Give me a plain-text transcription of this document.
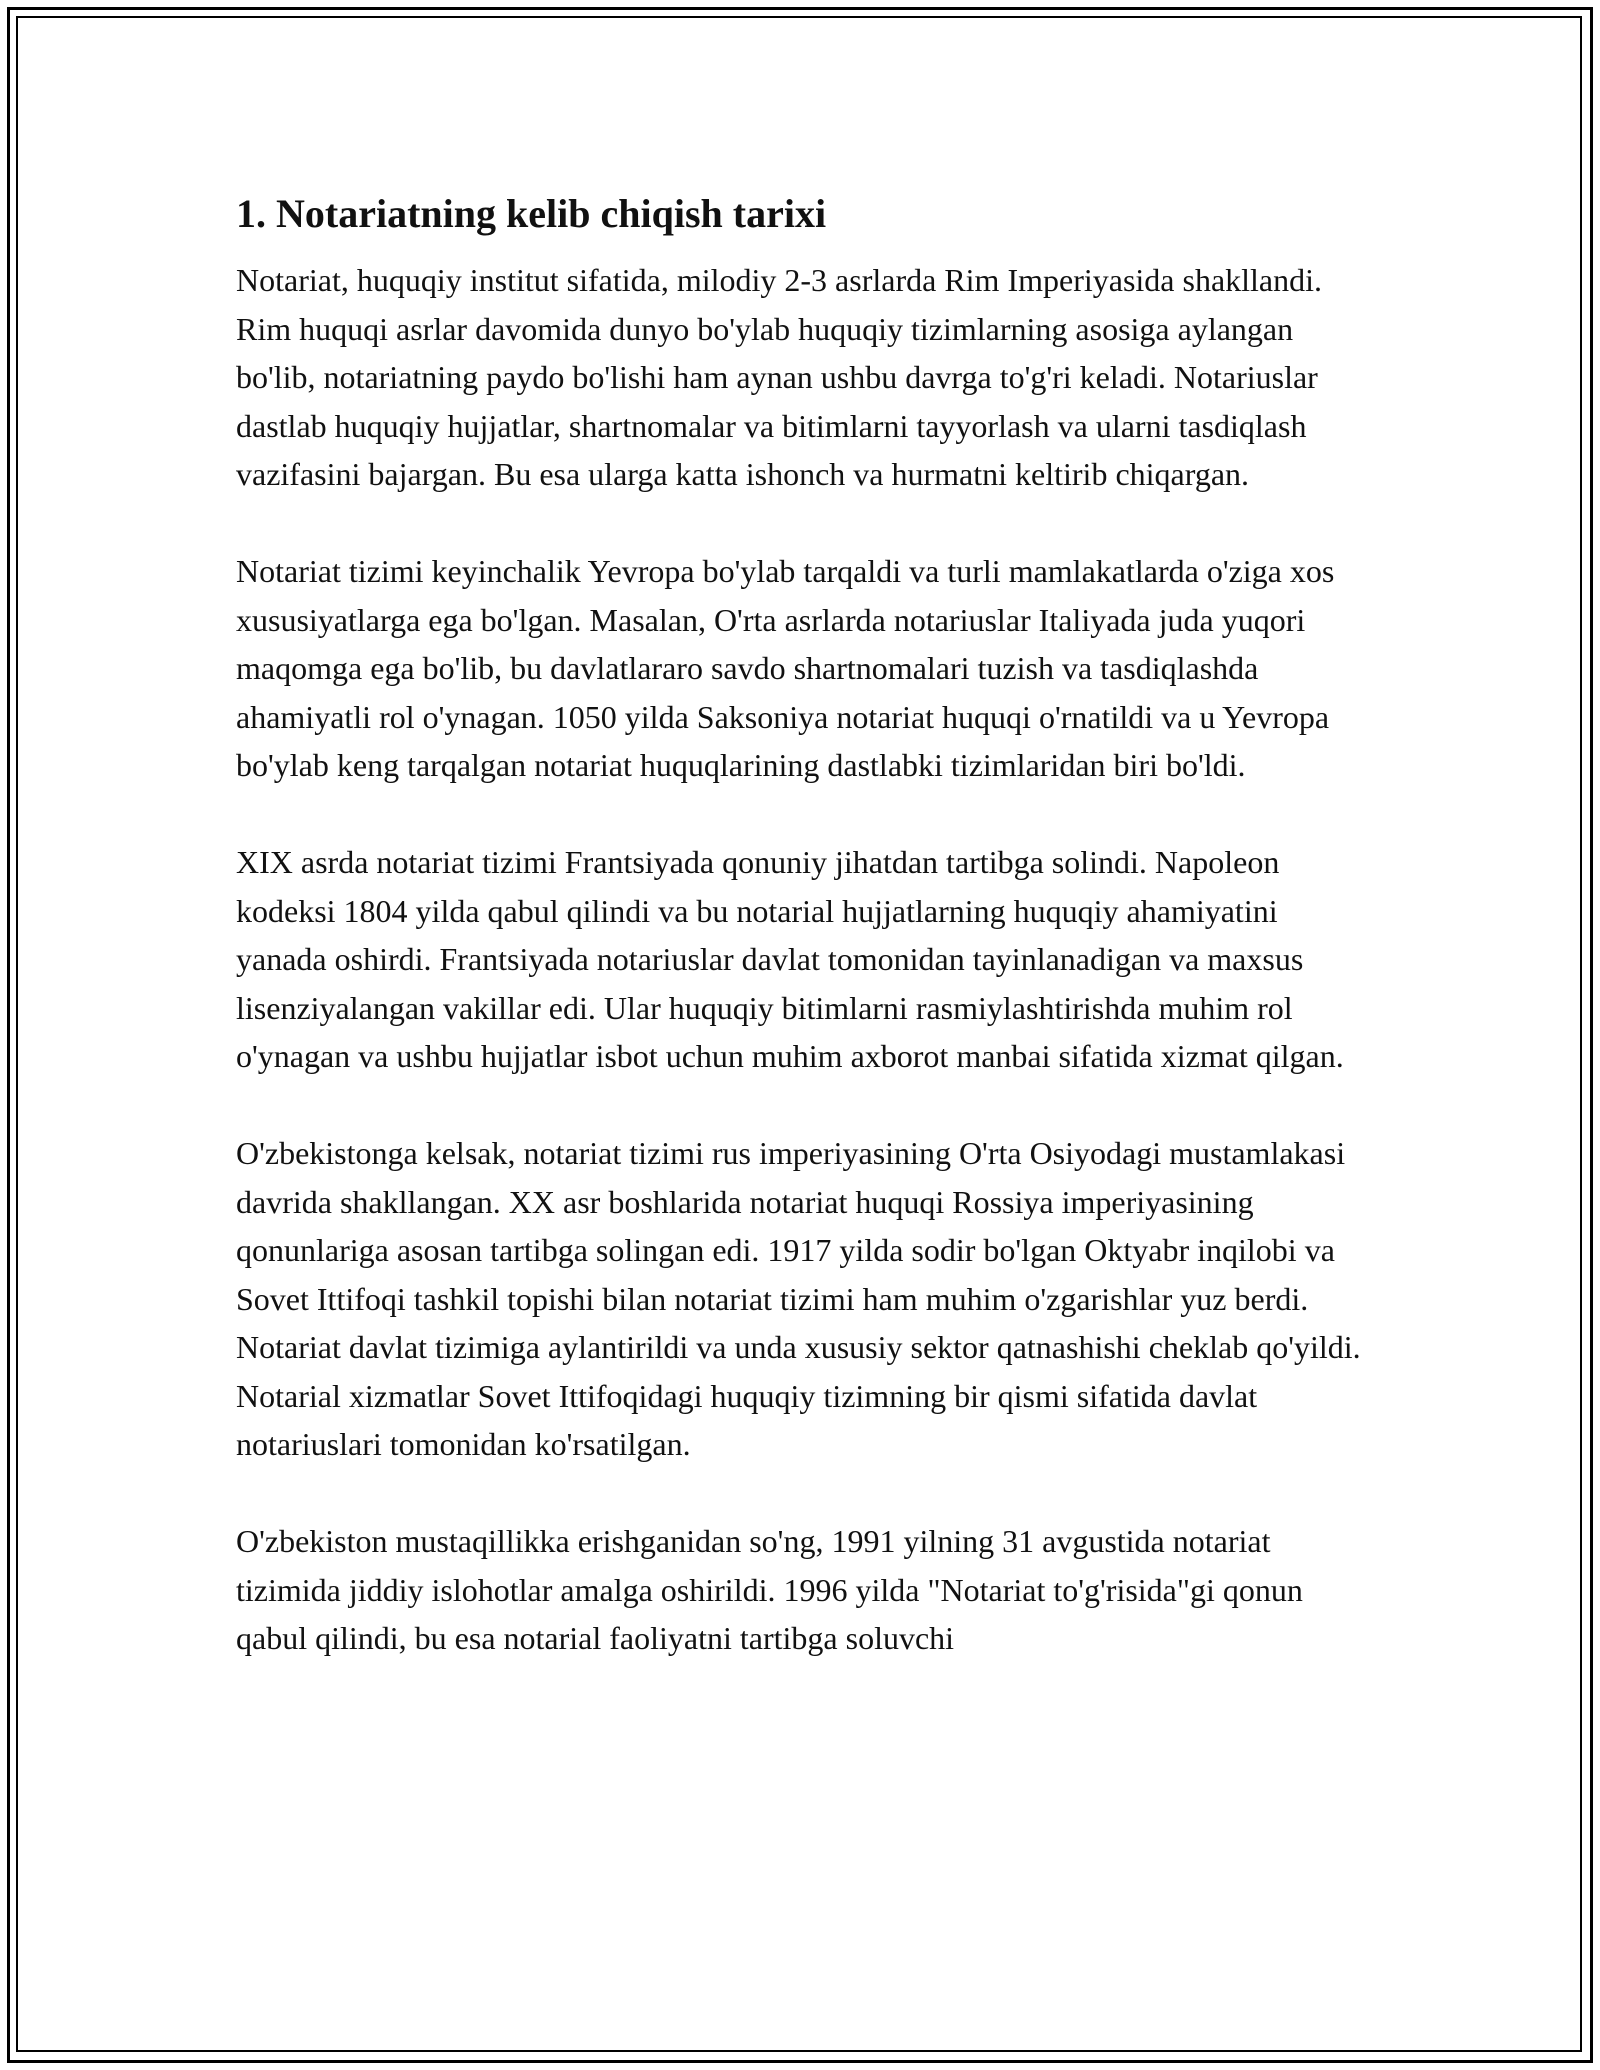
1. Notariatning kelib chiqish tarixi

Notariat, huquqiy institut sifatida, milodiy 2-3 asrlarda Rim Imperiyasida shakllandi. Rim huquqi asrlar davomida dunyo bo'ylab huquqiy tizimlarning asosiga aylangan bo'lib, notariatning paydo bo'lishi ham aynan ushbu davrga to'g'ri keladi. Notariuslar dastlab huquqiy hujjatlar, shartnomalar va bitimlarni tayyorlash va ularni tasdiqlash vazifasini bajargan. Bu esa ularga katta ishonch va hurmatni keltirib chiqargan.

Notariat tizimi keyinchalik Yevropa bo'ylab tarqaldi va turli mamlakatlarda o'ziga xos xususiyatlarga ega bo'lgan. Masalan, O'rta asrlarda notariuslar Italiyada juda yuqori maqomga ega bo'lib, bu davlatlararo savdo shartnomalari tuzish va tasdiqlashda ahamiyatli rol o'ynagan. 1050 yilda Saksoniya notariat huquqi o'rnatildi va u Yevropa bo'ylab keng tarqalgan notariat huquqlarining dastlabki tizimlaridan biri bo'ldi.

XIX asrda notariat tizimi Frantsiyada qonuniy jihatdan tartibga solindi. Napoleon kodeksi 1804 yilda qabul qilindi va bu notarial hujjatlarning huquqiy ahamiyatini yanada oshirdi. Frantsiyada notariuslar davlat tomonidan tayinlanadigan va maxsus lisenziyalangan vakillar edi. Ular huquqiy bitimlarni rasmiylashtirishda muhim rol o'ynagan va ushbu hujjatlar isbot uchun muhim axborot manbai sifatida xizmat qilgan.

O'zbekistonga kelsak, notariat tizimi rus imperiyasining O'rta Osiyodagi mustamlakasi davrida shakllangan. XX asr boshlarida notariat huquqi Rossiya imperiyasining qonunlariga asosan tartibga solingan edi. 1917 yilda sodir bo'lgan Oktyabr inqilobi va Sovet Ittifoqi tashkil topishi bilan notariat tizimi ham muhim o'zgarishlar yuz berdi. Notariat davlat tizimiga aylantirildi va unda xususiy sektor qatnashishi cheklab qo'yildi. Notarial xizmatlar Sovet Ittifoqidagi huquqiy tizimning bir qismi sifatida davlat notariuslari tomonidan ko'rsatilgan.

O'zbekiston mustaqillikka erishganidan so'ng, 1991 yilning 31 avgustida notariat tizimida jiddiy islohotlar amalga oshirildi. 1996 yilda "Notariat to'g'risida"gi qonun qabul qilindi, bu esa notarial faoliyatni tartibga soluvchi
